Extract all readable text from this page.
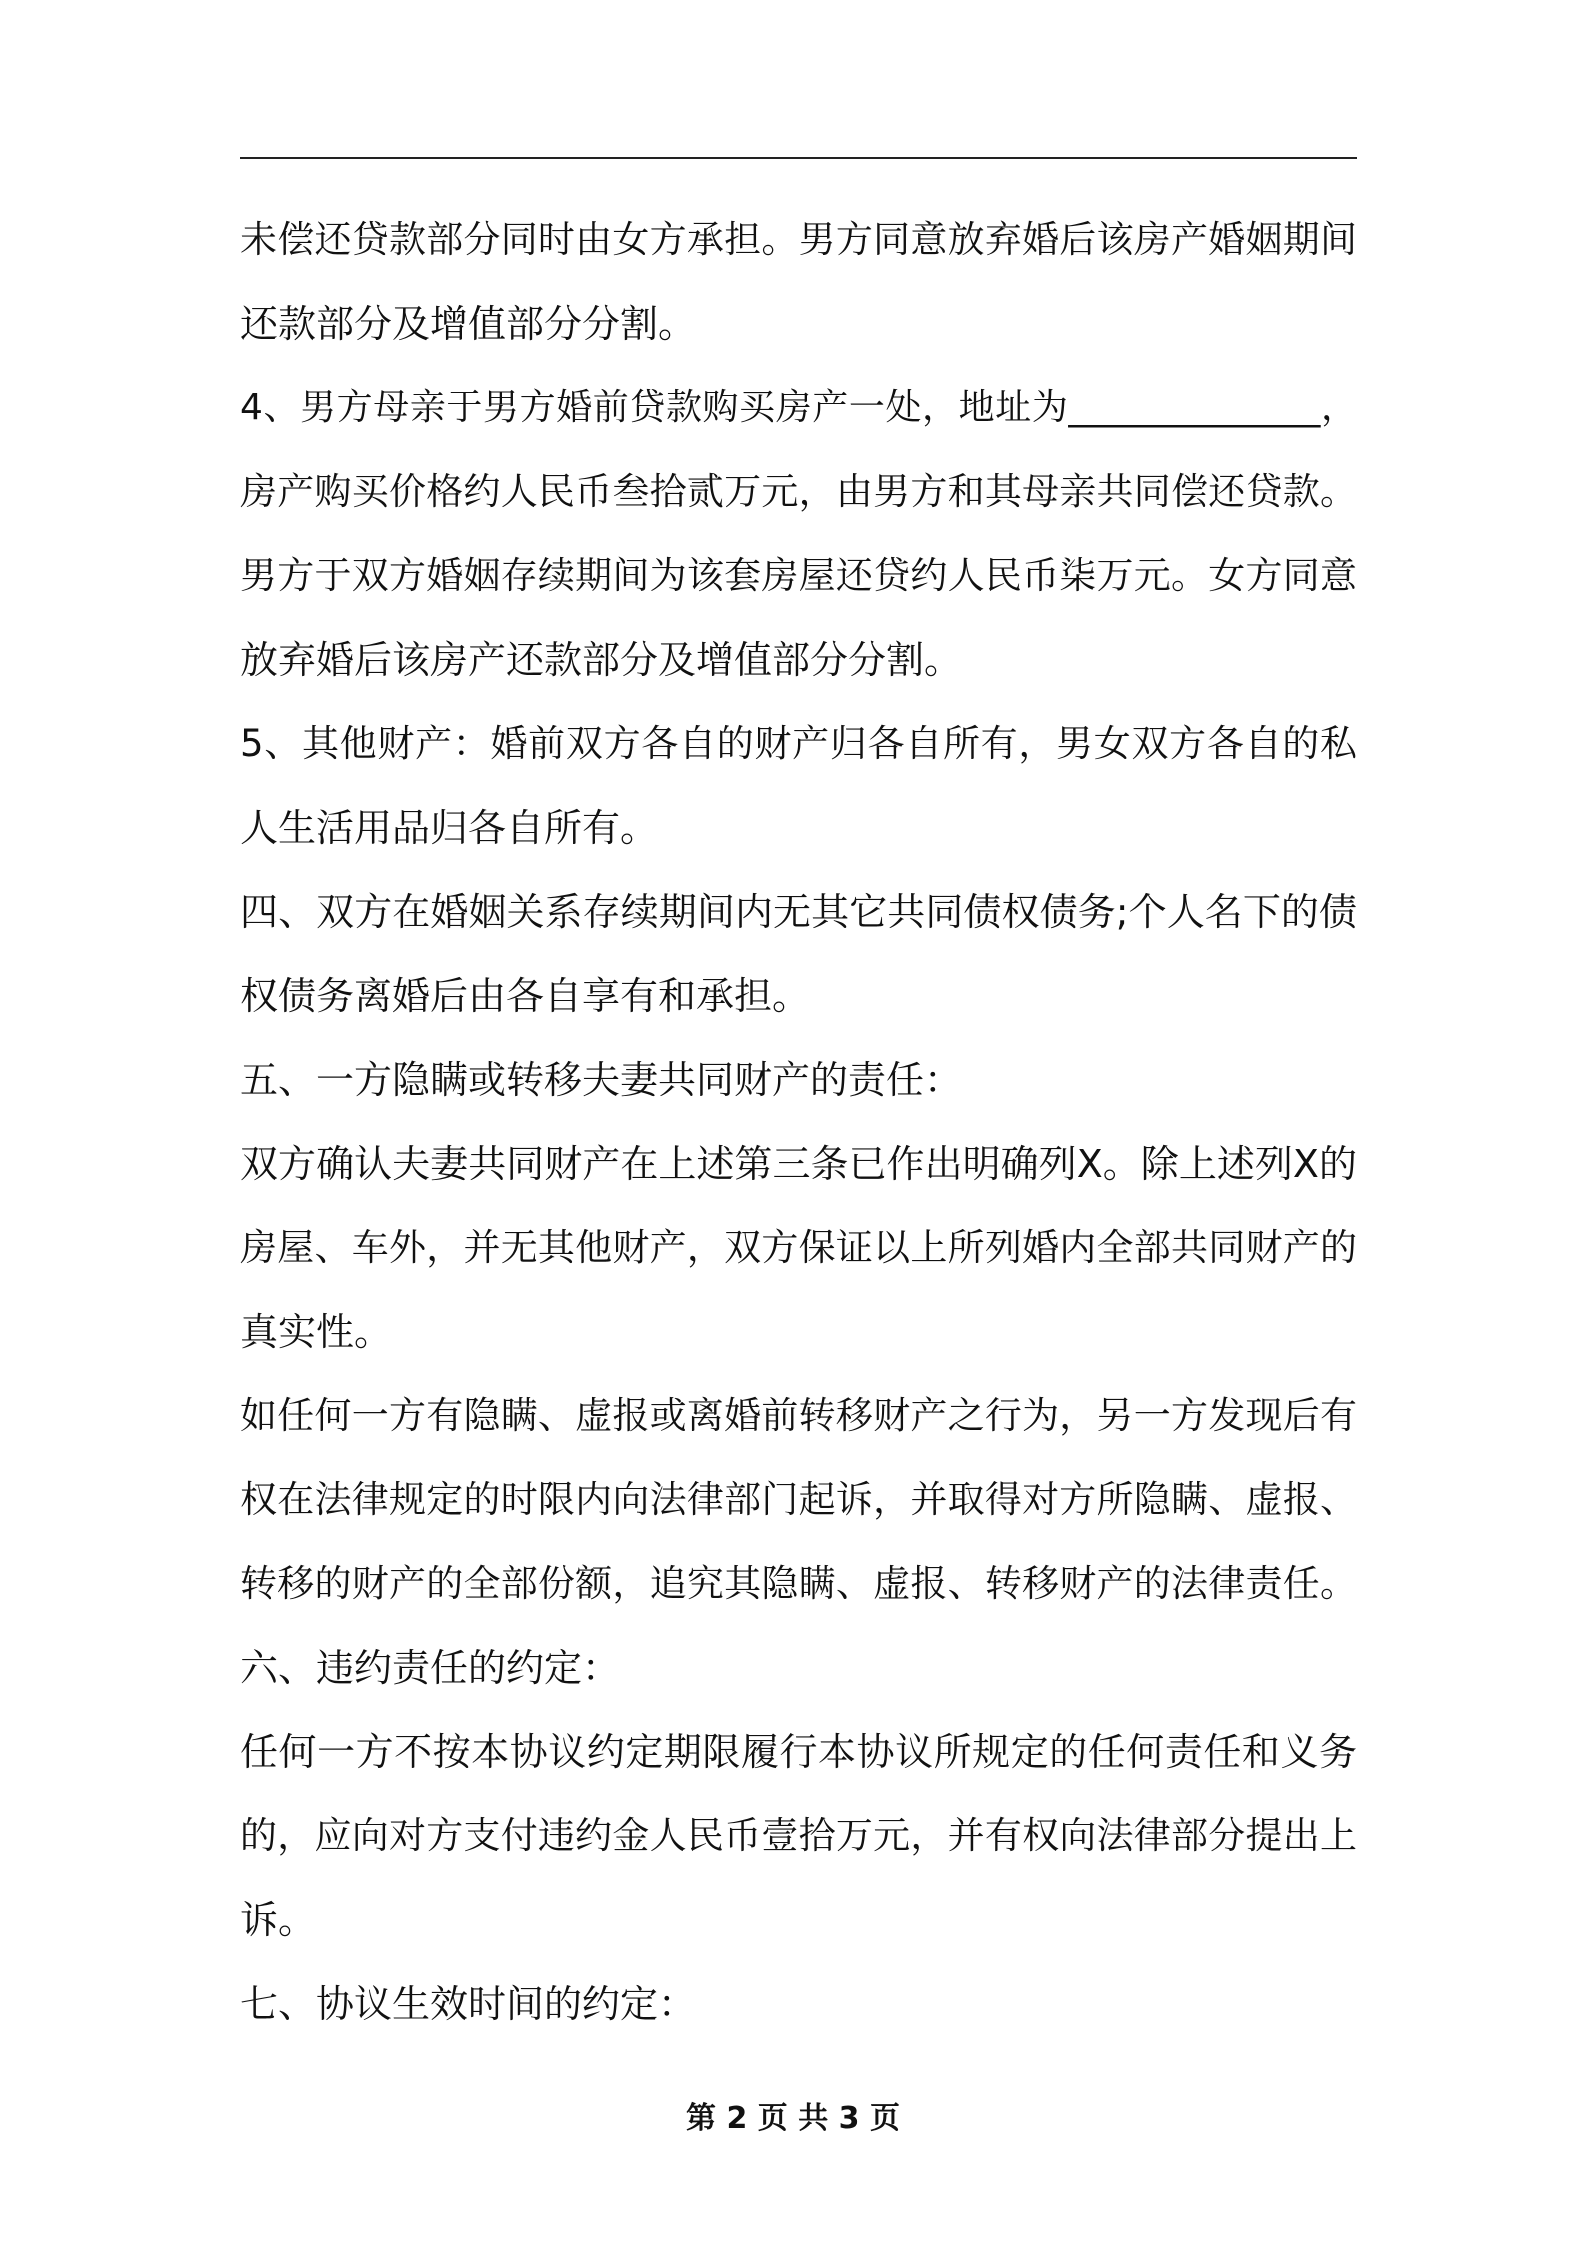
未偿还贷款部分同时由女方承担。男方同意放弃婚后该房产婚姻期间
还款部分及增值部分分割。
4、男方母亲于男方婚前贷款购买房产一处，地址为______________，
房产购买价格约人民币叁拾贰万元，由男方和其母亲共同偿还贷款。
男方于双方婚姻存续期间为该套房屋还贷约人民币柒万元。女方同意
放弃婚后该房产还款部分及增值部分分割。
5、其他财产：婚前双方各自的财产归各自所有，男女双方各自的私
人生活用品归各自所有。
四、双方在婚姻关系存续期间内无其它共同债权债务;个人名下的债
权债务离婚后由各自享有和承担。
五、一方隐瞒或转移夫妻共同财产的责任：
双方确认夫妻共同财产在上述第三条已作出明确列X。除上述列X的
房屋、车外，并无其他财产，双方保证以上所列婚内全部共同财产的
真实性。
如任何一方有隐瞒、虚报或离婚前转移财产之行为，另一方发现后有
权在法律规定的时限内向法律部门起诉，并取得对方所隐瞒、虚报、
转移的财产的全部份额，追究其隐瞒、虚报、转移财产的法律责任。
六、违约责任的约定：
任何一方不按本协议约定期限履行本协议所规定的任何责任和义务
的，应向对方支付违约金人民币壹拾万元，并有权向法律部分提出上
诉。
七、协议生效时间的约定：
第 2 页 共 3 页
